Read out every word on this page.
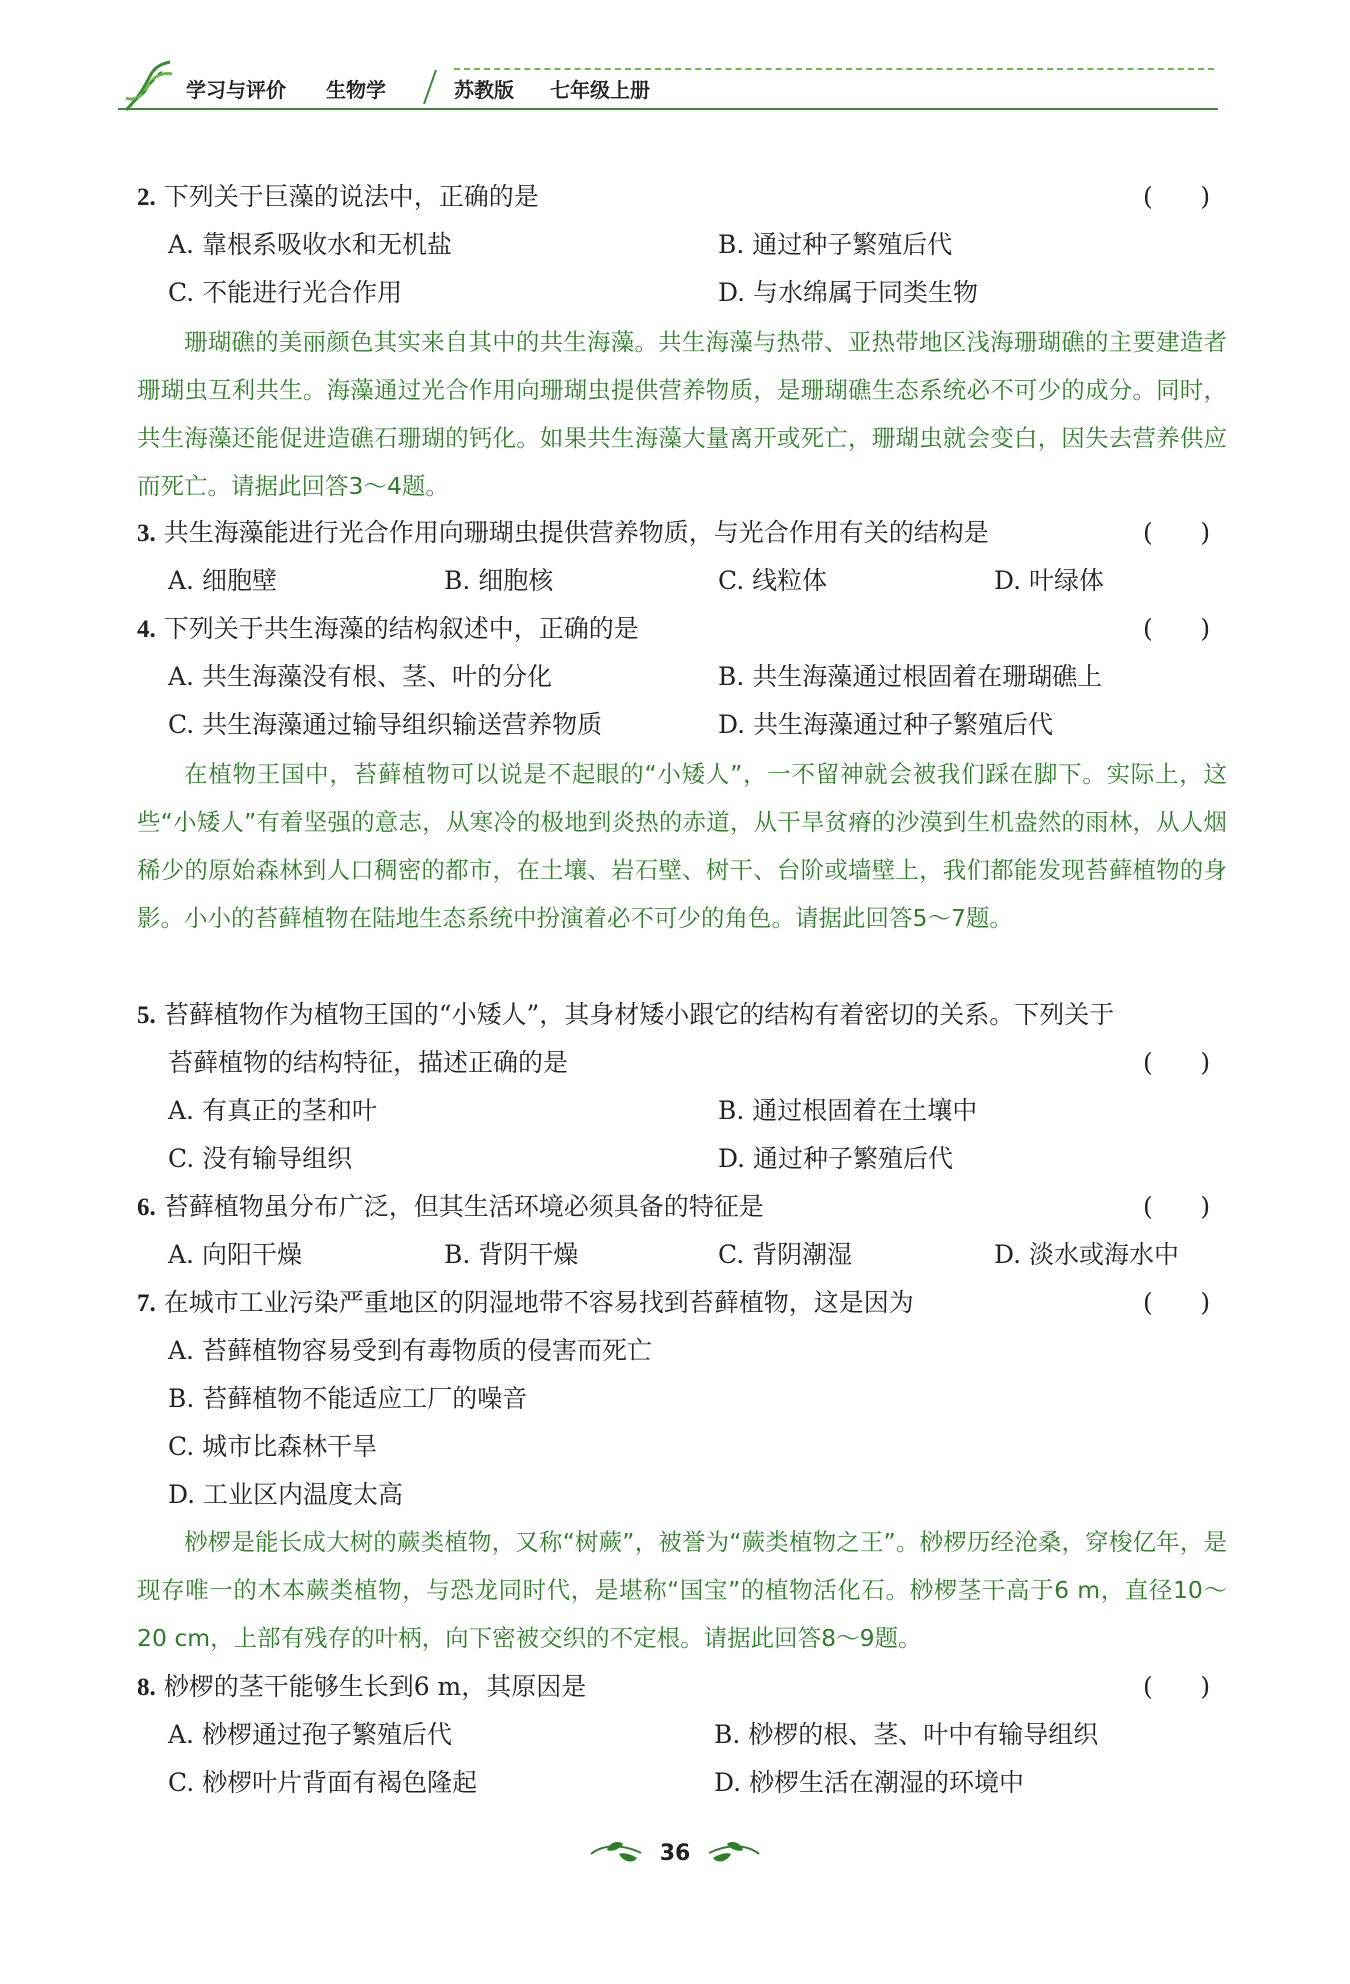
学习与评价 生物学	苏教版 七年级上册
2. 下列关于巨藻的说法中，正确的是	(      )
A. 靠根系吸收水和无机盐	B. 通过种子繁殖后代
C. 不能进行光合作用	D. 与水绵属于同类生物

珊瑚礁的美丽颜色其实来自其中的共生海藻。共生海藻与热带、亚热带地区浅海珊瑚礁的主要建造者珊瑚虫互利共生。海藻通过光合作用向珊瑚虫提供营养物质，是珊瑚礁生态系统必不可少的成分。同时，共生海藻还能促进造礁石珊瑚的钙化。如果共生海藻大量离开或死亡，珊瑚虫就会变白，因失去营养供应而死亡。请据此回答3～4题。

3. 共生海藻能进行光合作用向珊瑚虫提供营养物质，与光合作用有关的结构是	(      )
A. 细胞壁	B. 细胞核	C. 线粒体	D. 叶绿体
4. 下列关于共生海藻的结构叙述中，正确的是	(      )
A. 共生海藻没有根、茎、叶的分化	B. 共生海藻通过根固着在珊瑚礁上
C. 共生海藻通过输导组织输送营养物质	D. 共生海藻通过种子繁殖后代

在植物王国中，苔藓植物可以说是不起眼的“小矮人”，一不留神就会被我们踩在脚下。实际上，这些“小矮人”有着坚强的意志，从寒冷的极地到炎热的赤道，从干旱贫瘠的沙漠到生机盎然的雨林，从人烟稀少的原始森林到人口稠密的都市，在土壤、岩石壁、树干、台阶或墙壁上，我们都能发现苔藓植物的身影。小小的苔藓植物在陆地生态系统中扮演着必不可少的角色。请据此回答5～7题。

5. 苔藓植物作为植物王国的“小矮人”，其身材矮小跟它的结构有着密切的关系。下列关于
苔藓植物的结构特征，描述正确的是	(      )
A. 有真正的茎和叶	B. 通过根固着在土壤中
C. 没有输导组织	D. 通过种子繁殖后代
6. 苔藓植物虽分布广泛，但其生活环境必须具备的特征是	(      )
A. 向阳干燥	B. 背阴干燥	C. 背阴潮湿	D. 淡水或海水中
7. 在城市工业污染严重地区的阴湿地带不容易找到苔藓植物，这是因为	(      )
A. 苔藓植物容易受到有毒物质的侵害而死亡
B. 苔藓植物不能适应工厂的噪音
C. 城市比森林干旱
D. 工业区内温度太高

桫椤是能长成大树的蕨类植物，又称“树蕨”，被誉为“蕨类植物之王”。桫椤历经沧桑，穿梭亿年，是现存唯一的木本蕨类植物，与恐龙同时代，是堪称“国宝”的植物活化石。桫椤茎干高于6 m，直径10～20 cm，上部有残存的叶柄，向下密被交织的不定根。请据此回答8～9题。

8. 桫椤的茎干能够生长到6 m，其原因是	(      )
A. 桫椤通过孢子繁殖后代	B. 桫椤的根、茎、叶中有输导组织
C. 桫椤叶片背面有褐色隆起	D. 桫椤生活在潮湿的环境中
36
